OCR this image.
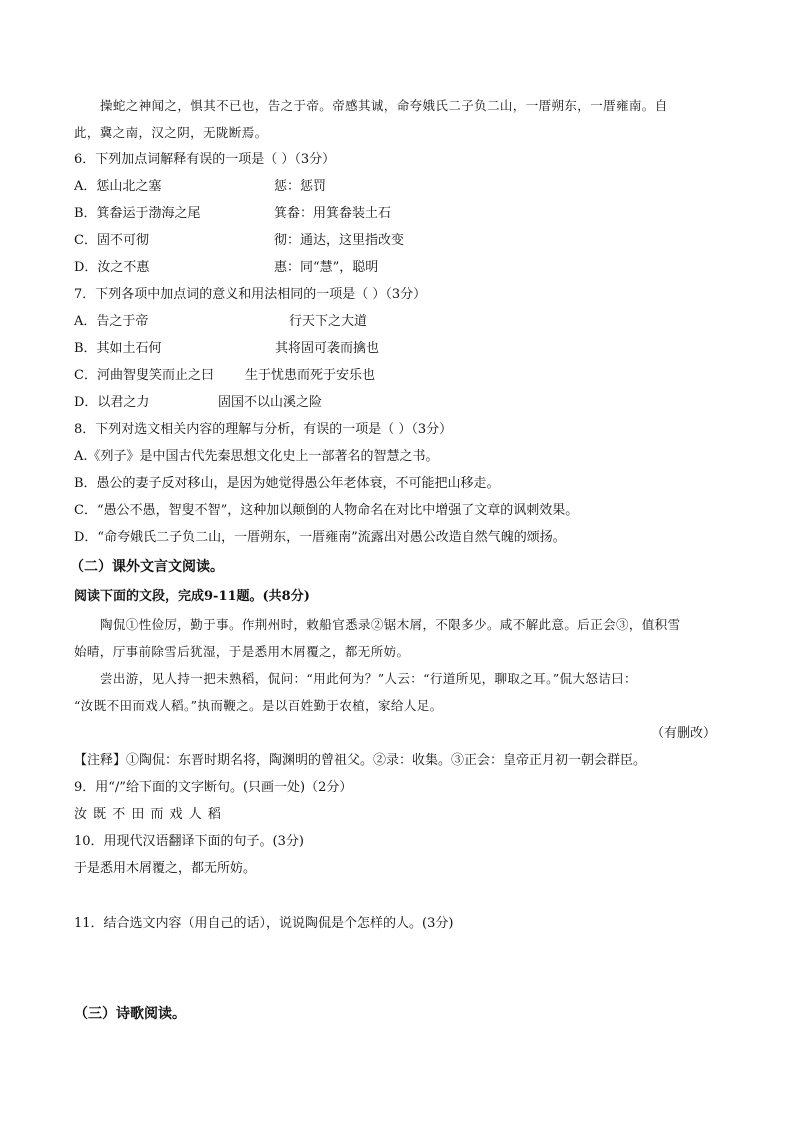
操蛇之神闻之，惧其不已也，告之于帝。帝感其诚，命夸娥氏二子负二山，一厝朔东，一厝雍南。自
此，冀之南，汉之阴，无陇断焉。
6．下列加点词解释有误的一项是（ ）（3分）
A．惩山北之塞	惩：惩罚
B．箕畚运于渤海之尾	箕畚：用箕畚装土石
C．固不可彻	彻：通达，这里指改变
D．汝之不惠	惠：同“慧”，聪明
7．下列各项中加点词的意义和用法相同的一项是（ ）（3分）
A．告之于帝	行天下之大道
B．其如土石何	其将固可袭而擒也
C．河曲智叟笑而止之曰 生于忧患而死于安乐也
D．以君之力	固国不以山溪之险
8．下列对选文相关内容的理解与分析，有误的一项是（ ）（3分）
A.《列子》是中国古代先秦思想文化史上一部著名的智慧之书。
B．愚公的妻子反对移山，是因为她觉得愚公年老体衰，不可能把山移走。
C．“愚公不愚，智叟不智”，这种加以颠倒的人物命名在对比中增强了文章的讽刺效果。
D．“命夸娥氏二子负二山，一厝朔东，一厝雍南”流露出对愚公改造自然气魄的颂扬。
（二）课外文言文阅读。
阅读下面的文段，完成9-11题。(共8分)
陶侃①性俭厉，勤于事。作荆州时，敕船官悉录②锯木屑，不限多少。咸不解此意。后正会③，值积雪
始晴，厅事前除雪后犹湿，于是悉用木屑覆之，都无所妨。
尝出游，见人持一把未熟稻，侃问：“用此何为？”人云：“行道所见，聊取之耳。”侃大怒诘曰：
“汝既不田而戏人稻。”执而鞭之。是以百姓勤于农植，家给人足。
（有删改）
【注释】①陶侃：东晋时期名将，陶渊明的曾祖父。②录：收集。③正会：皇帝正月初一朝会群臣。
9．用“/”给下面的文字断句。(只画一处)（2分）
汝 既 不 田 而 戏 人 稻
10．用现代汉语翻译下面的句子。(3分)
于是悉用木屑覆之，都无所妨。
11．结合选文内容（用自己的话），说说陶侃是个怎样的人。(3分)
（三）诗歌阅读。
